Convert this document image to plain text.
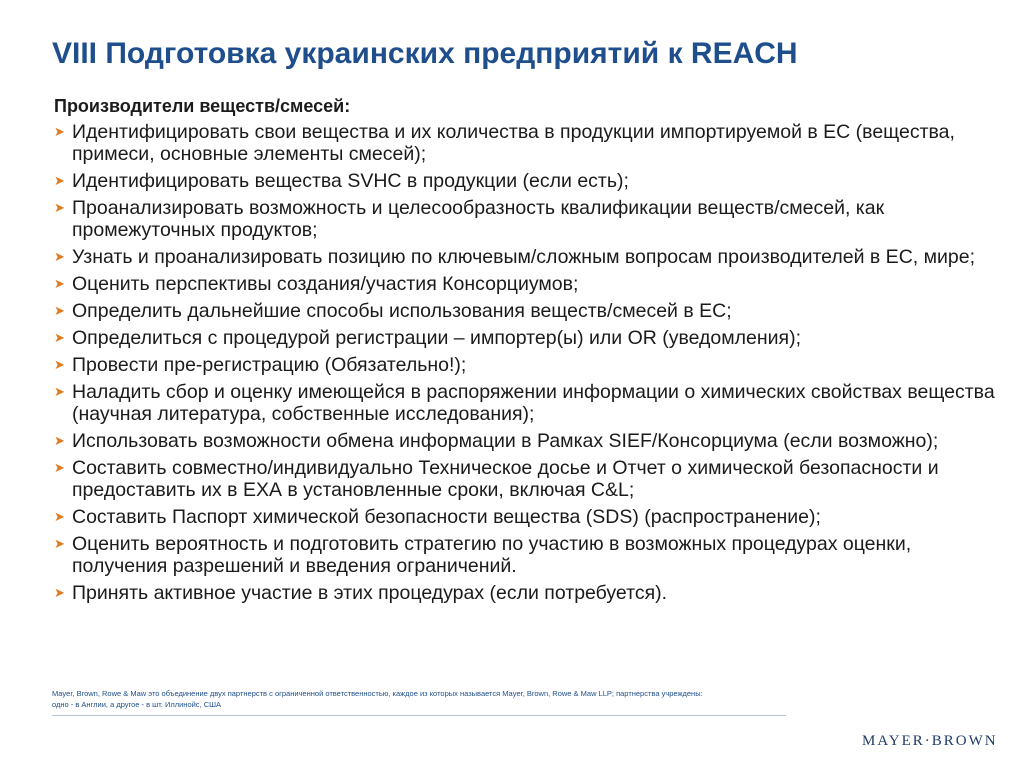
VIII Подготовка украинских предприятий к REACH
Производители веществ/смесей:
➤ Идентифицировать свои вещества и их количества в продукции импортируемой в ЕС (вещества, примеси, основные элементы смесей);
➤ Идентифицировать вещества SVHC в продукции (если есть);
➤ Проанализировать возможность и целесообразность квалификации веществ/смесей, как промежуточных продуктов;
➤ Узнать и проанализировать позицию по ключевым/сложным вопросам производителей в ЕС, мире;
➤ Оценить перспективы создания/участия Консорциумов;
➤ Определить дальнейшие способы использования веществ/смесей в ЕС;
➤ Определиться с процедурой регистрации – импортер(ы) или OR (уведомления);
➤ Провести пре-регистрацию (Обязательно!);
➤ Наладить сбор и оценку имеющейся в распоряжении информации о химических свойствах вещества (научная литература, собственные исследования);
➤ Использовать возможности обмена информации в Рамках SIEF/Консорциума (если возможно);
➤ Составить совместно/индивидуально Техническое досье и Отчет о химической безопасности и предоставить их в ЕХА в установленные сроки, включая C&L;
➤ Составить Паспорт химической безопасности вещества (SDS) (распространение);
➤ Оценить вероятность и подготовить стратегию по участию в возможных процедурах оценки, получения разрешений и введения ограничений.
➤ Принять активное участие в этих процедурах (если потребуется).
Mayer, Brown, Rowe & Maw это объединение двух партнерств с ограниченной ответственностью, каждое из которых называется Mayer, Brown, Rowe & Maw LLP; партнерства учреждены:
одно - в Англии, а другое - в шт. Иллинойс, США
MAYER·BROWN
